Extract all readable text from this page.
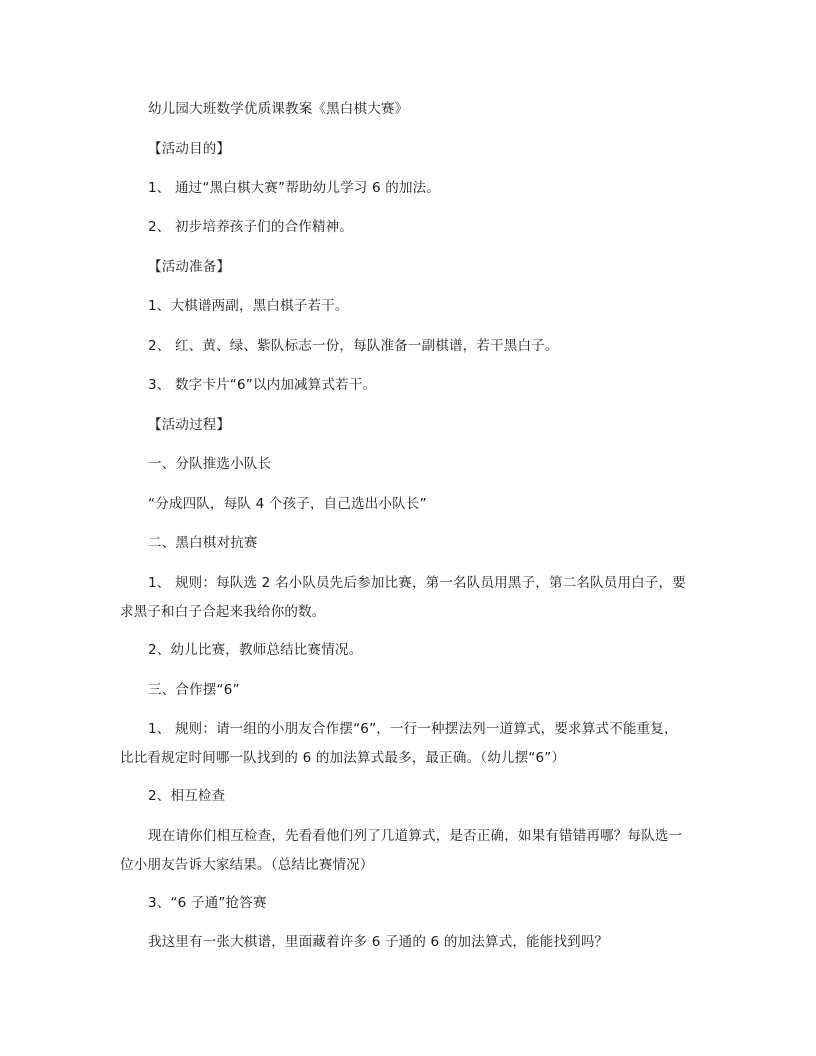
幼儿园大班数学优质课教案《黑白棋大赛》
【活动目的】
1、 通过“黑白棋大赛”帮助幼儿学习 6 的加法。
2、 初步培养孩子们的合作精神。
【活动准备】
1、大棋谱两副，黑白棋子若干。
2、 红、黄、绿、紫队标志一份，每队准备一副棋谱，若干黑白子。
3、 数字卡片“6”以内加减算式若干。
【活动过程】
一、分队推选小队长
“分成四队，每队 4 个孩子，自己选出小队长”
二、黑白棋对抗赛
1、 规则：每队选 2 名小队员先后参加比赛，第一名队员用黑子，第二名队员用白子，要
求黑子和白子合起来我给你的数。
2、幼儿比赛，教师总结比赛情况。
三、合作摆“6”
1、 规则：请一组的小朋友合作摆“6”，一行一种摆法列一道算式，要求算式不能重复，
比比看规定时间哪一队找到的 6 的加法算式最多，最正确。（幼儿摆“6”）
2、相互检查
现在请你们相互检查，先看看他们列了几道算式，是否正确，如果有错错再哪？每队选一
位小朋友告诉大家结果。（总结比赛情况）
3、“6 子通”抢答赛
我这里有一张大棋谱，里面藏着许多 6 子通的 6 的加法算式，能能找到吗？
